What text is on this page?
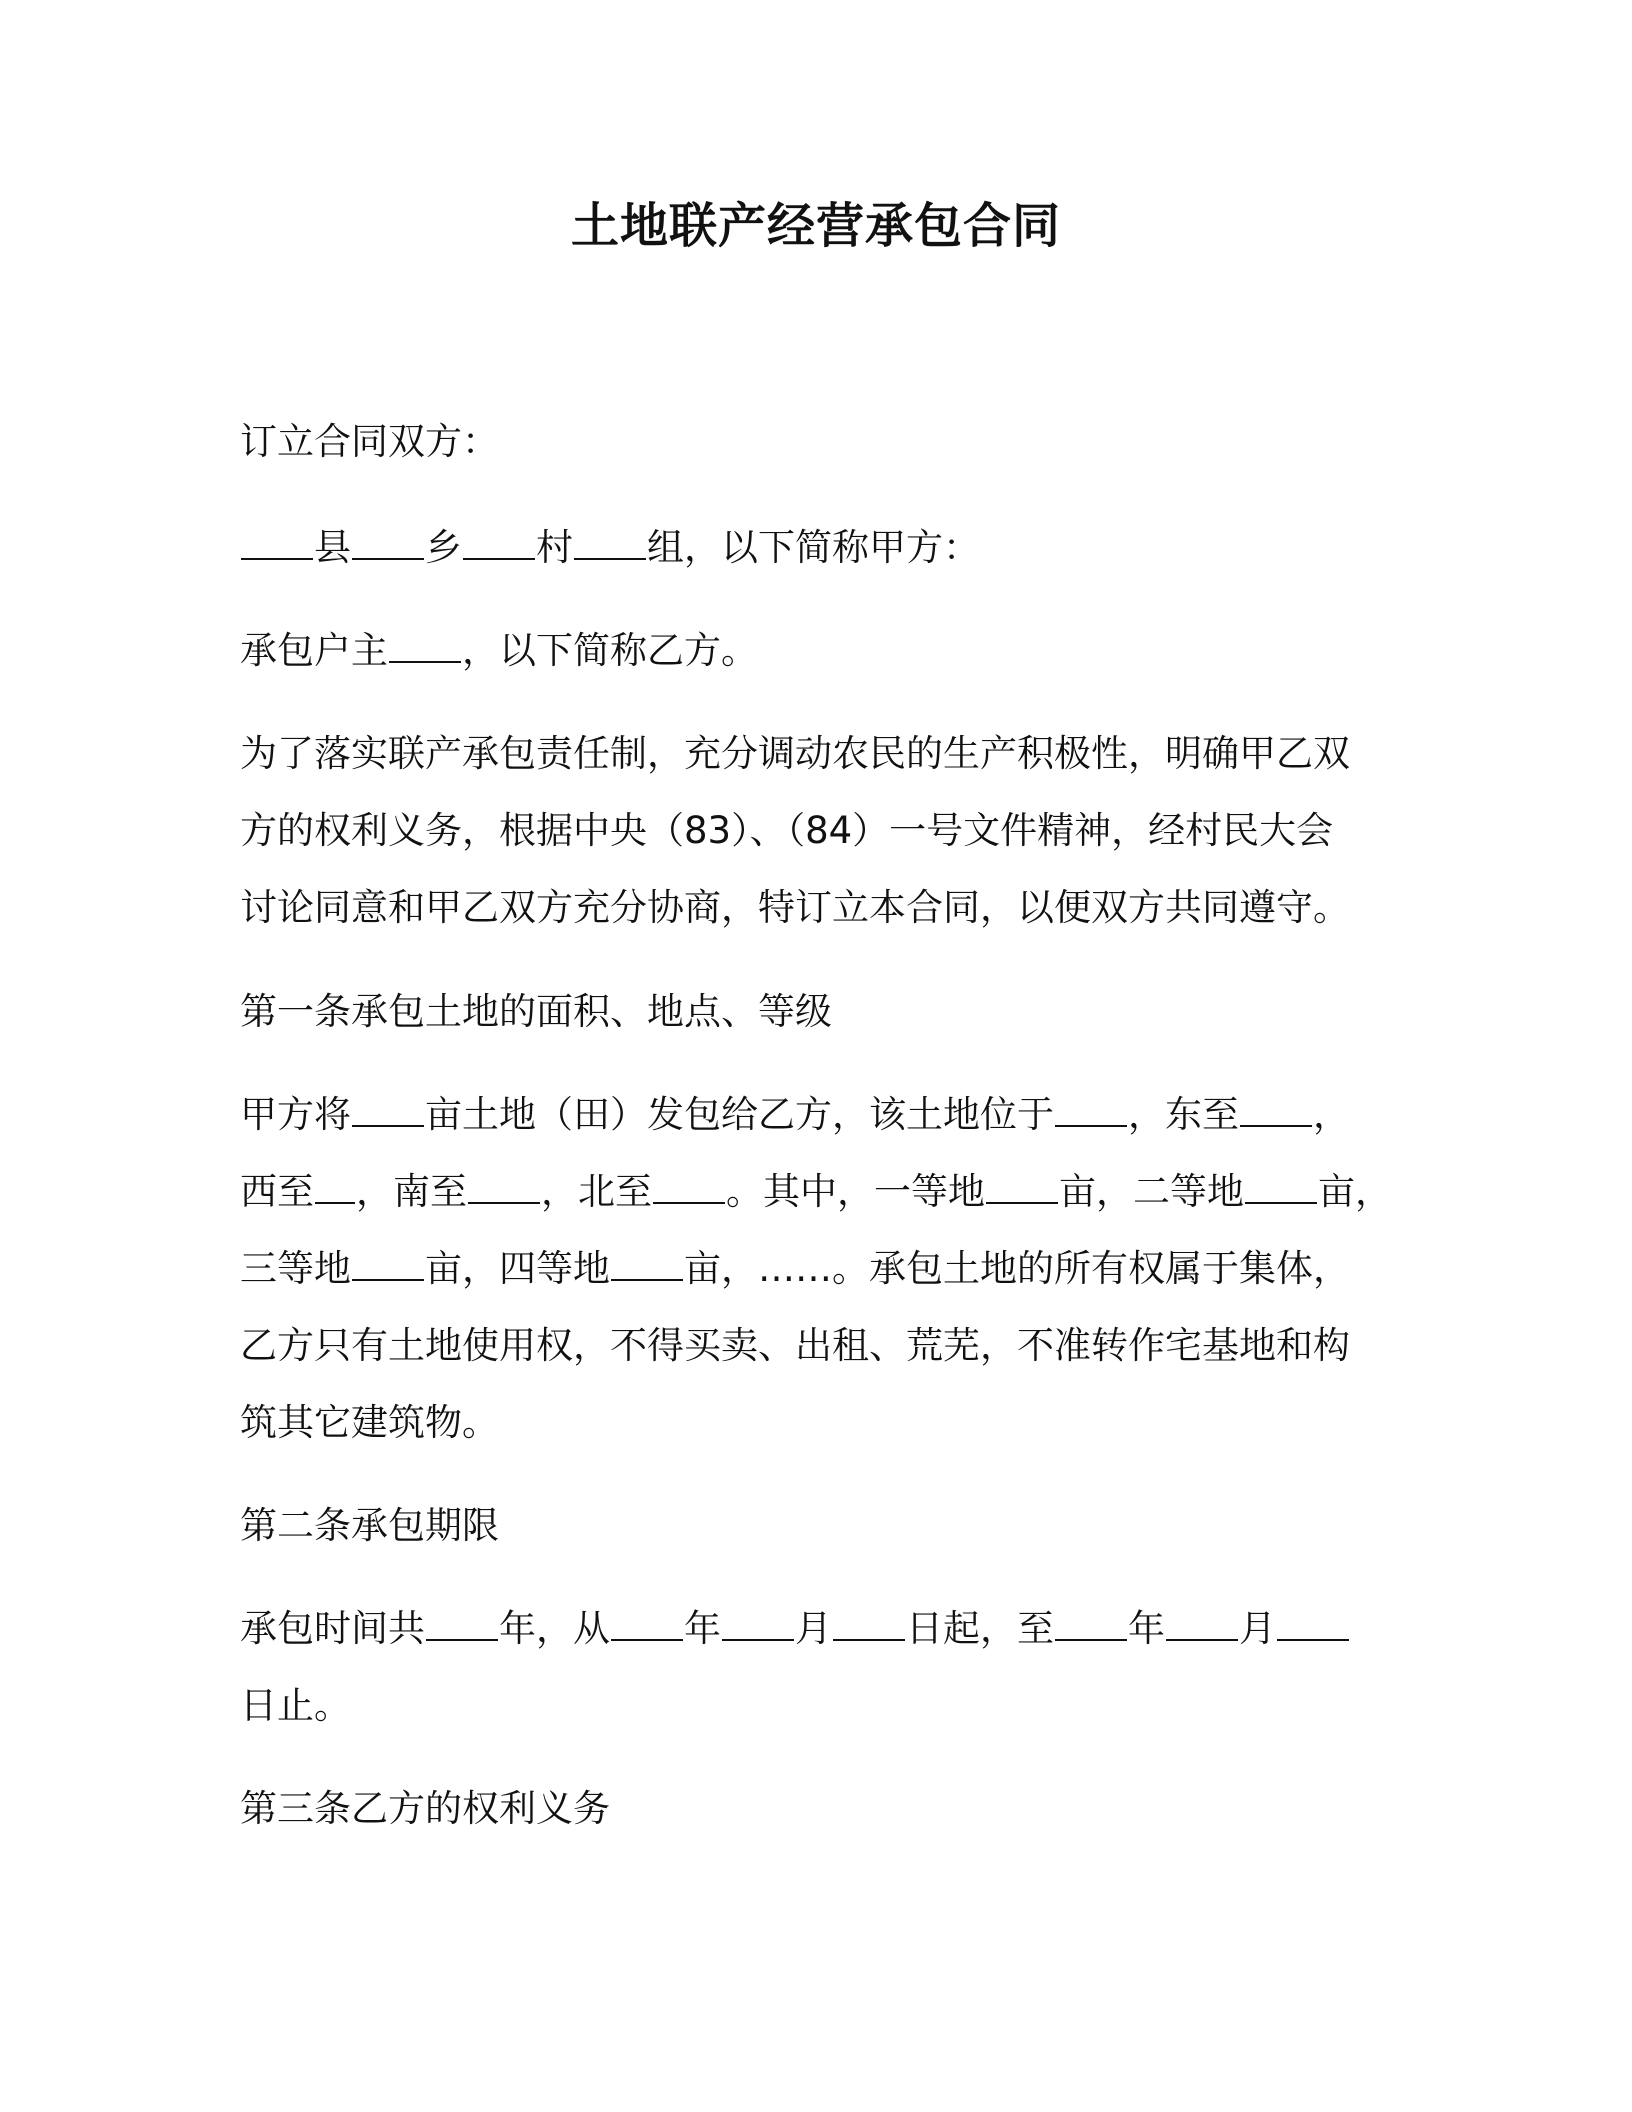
土地联产经营承包合同
订立合同双方：
县 乡 村 组，以下简称甲方：
承包户主 ，以下简称乙方。
为了落实联产承包责任制，充分调动农民的生产积极性，明确甲乙双
方的权利义务，根据中央（83）、（84）一号文件精神，经村民大会
讨论同意和甲乙双方充分协商，特订立本合同，以便双方共同遵守。
第一条承包土地的面积、地点、等级
甲方将 亩土地（田）发包给乙方，该土地位于 ，东至 ，
西至 ，南至 ，北至 。其中，一等地 亩，二等地 亩，
三等地 亩，四等地 亩，……。承包土地的所有权属于集体，
乙方只有土地使用权，不得买卖、出租、荒芜，不准转作宅基地和构
筑其它建筑物。
第二条承包期限
承包时间共 年，从 年 月 日起，至 年 月
日止。
第三条乙方的权利义务
